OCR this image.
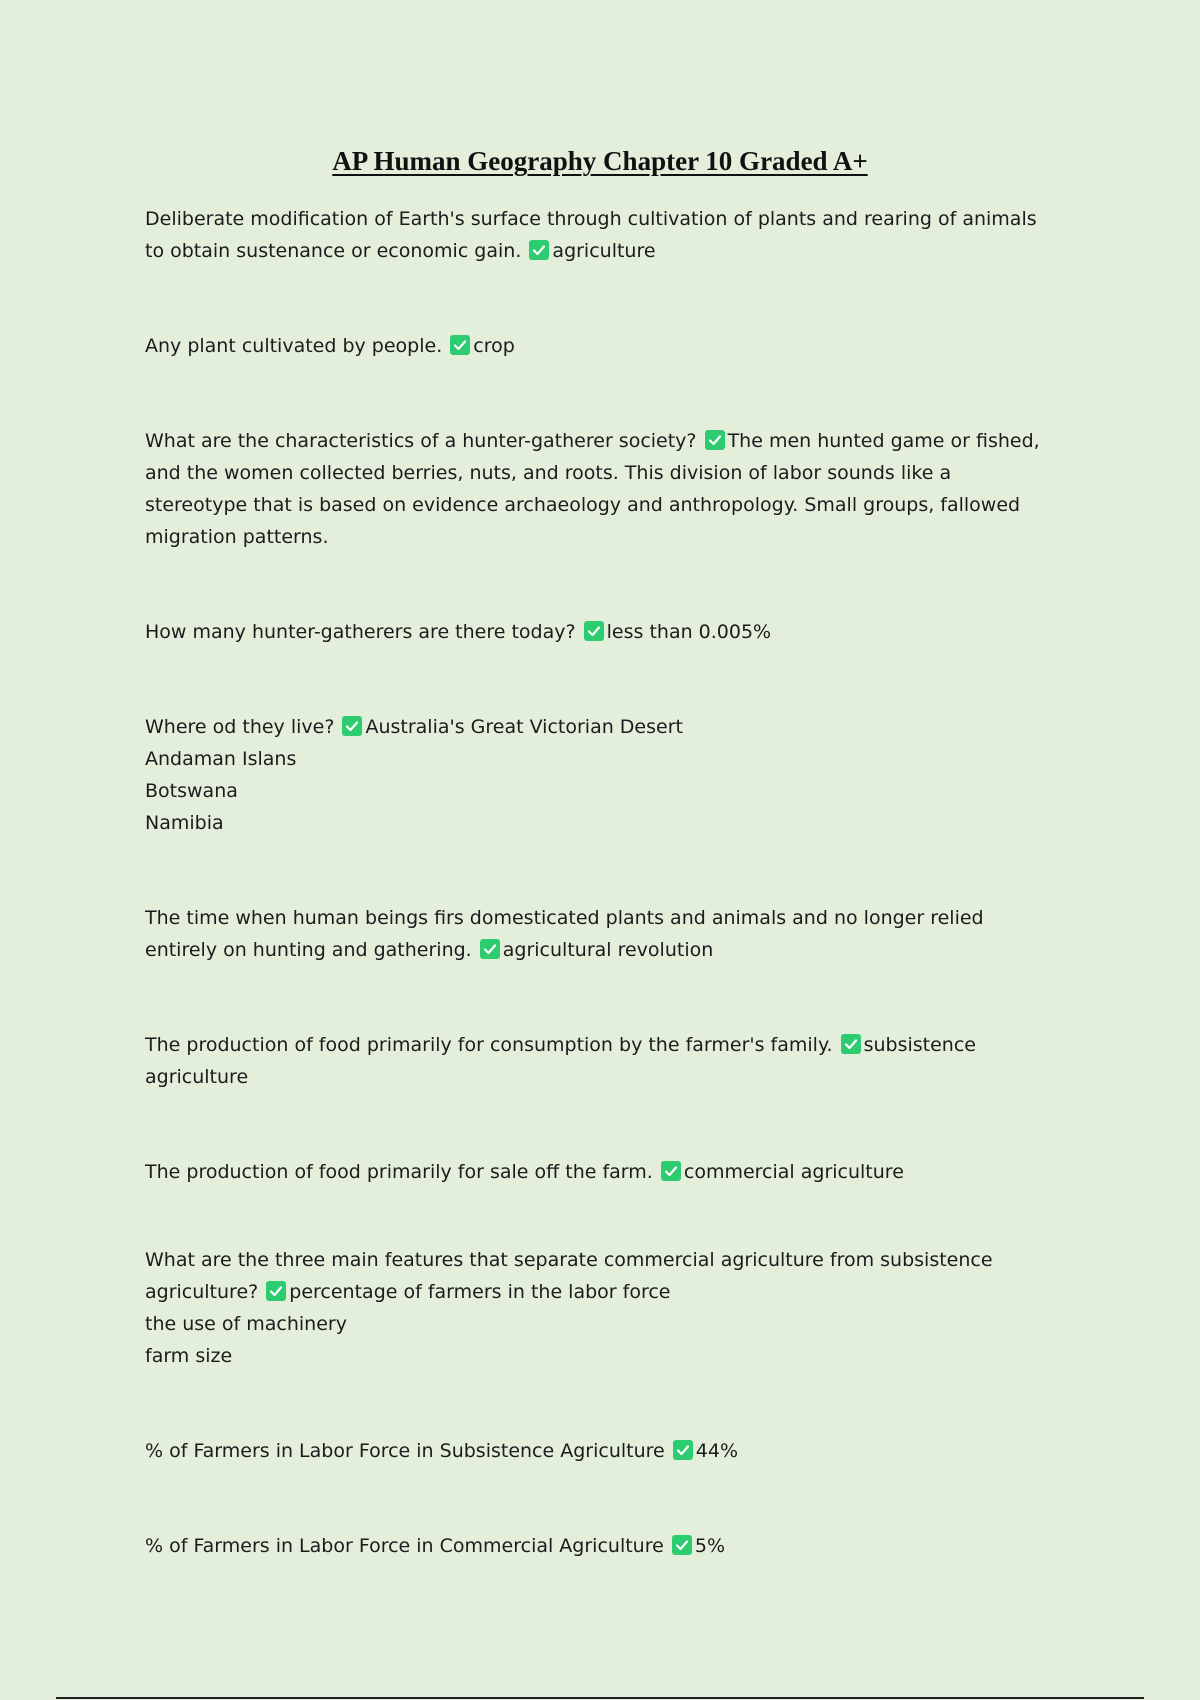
AP Human Geography Chapter 10 Graded A+

Deliberate modification of Earth's surface through cultivation of plants and rearing of animals to obtain sustenance or economic gain. agriculture

Any plant cultivated by people. crop

What are the characteristics of a hunter-gatherer society? The men hunted game or fished, and the women collected berries, nuts, and roots. This division of labor sounds like a stereotype that is based on evidence archaeology and anthropology. Small groups, fallowed migration patterns.

How many hunter-gatherers are there today? less than 0.005%

Where od they live? Australia's Great Victorian Desert

Andaman Islans

Botswana

Namibia

The time when human beings firs domesticated plants and animals and no longer relied entirely on hunting and gathering. agricultural revolution

The production of food primarily for consumption by the farmer's family. subsistence agriculture

The production of food primarily for sale off the farm. commercial agriculture

What are the three main features that separate commercial agriculture from subsistence agriculture? percentage of farmers in the labor force

the use of machinery

farm size

% of Farmers in Labor Force in Subsistence Agriculture 44%

% of Farmers in Labor Force in Commercial Agriculture 5%
